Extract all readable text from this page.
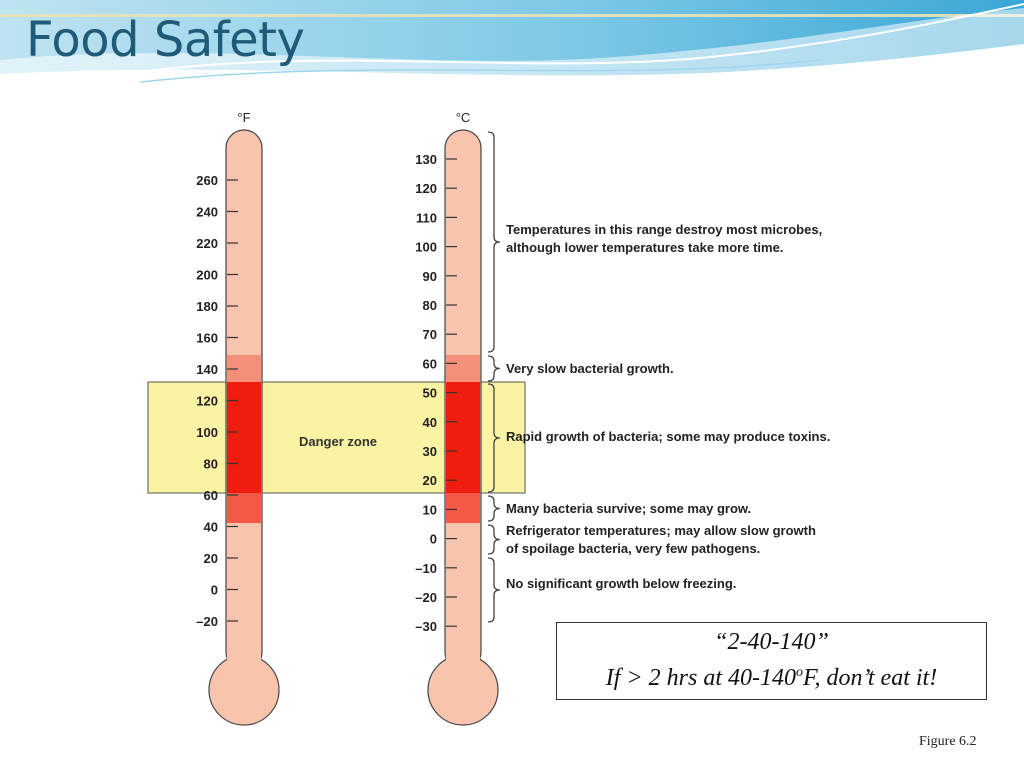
Food Safety
°F	°C
Danger zone
260
240
220
200
180
160
140
120
100
80
60
40
20
0
–20
130
120
110
100
90
80
70
60
50
40
30
20
10
0
–10
–20
–30
Temperatures in this range destroy most microbes,
although lower temperatures take more time.
Very slow bacterial growth.
Rapid growth of bacteria; some may produce toxins.
Many bacteria survive; some may grow.
Refrigerator temperatures; may allow slow growth
of spoilage bacteria, very few pathogens.
No significant growth below freezing.
“2-40-140”
If > 2 hrs at 40-140$^o$F, don’t eat it!
Figure 6.2
